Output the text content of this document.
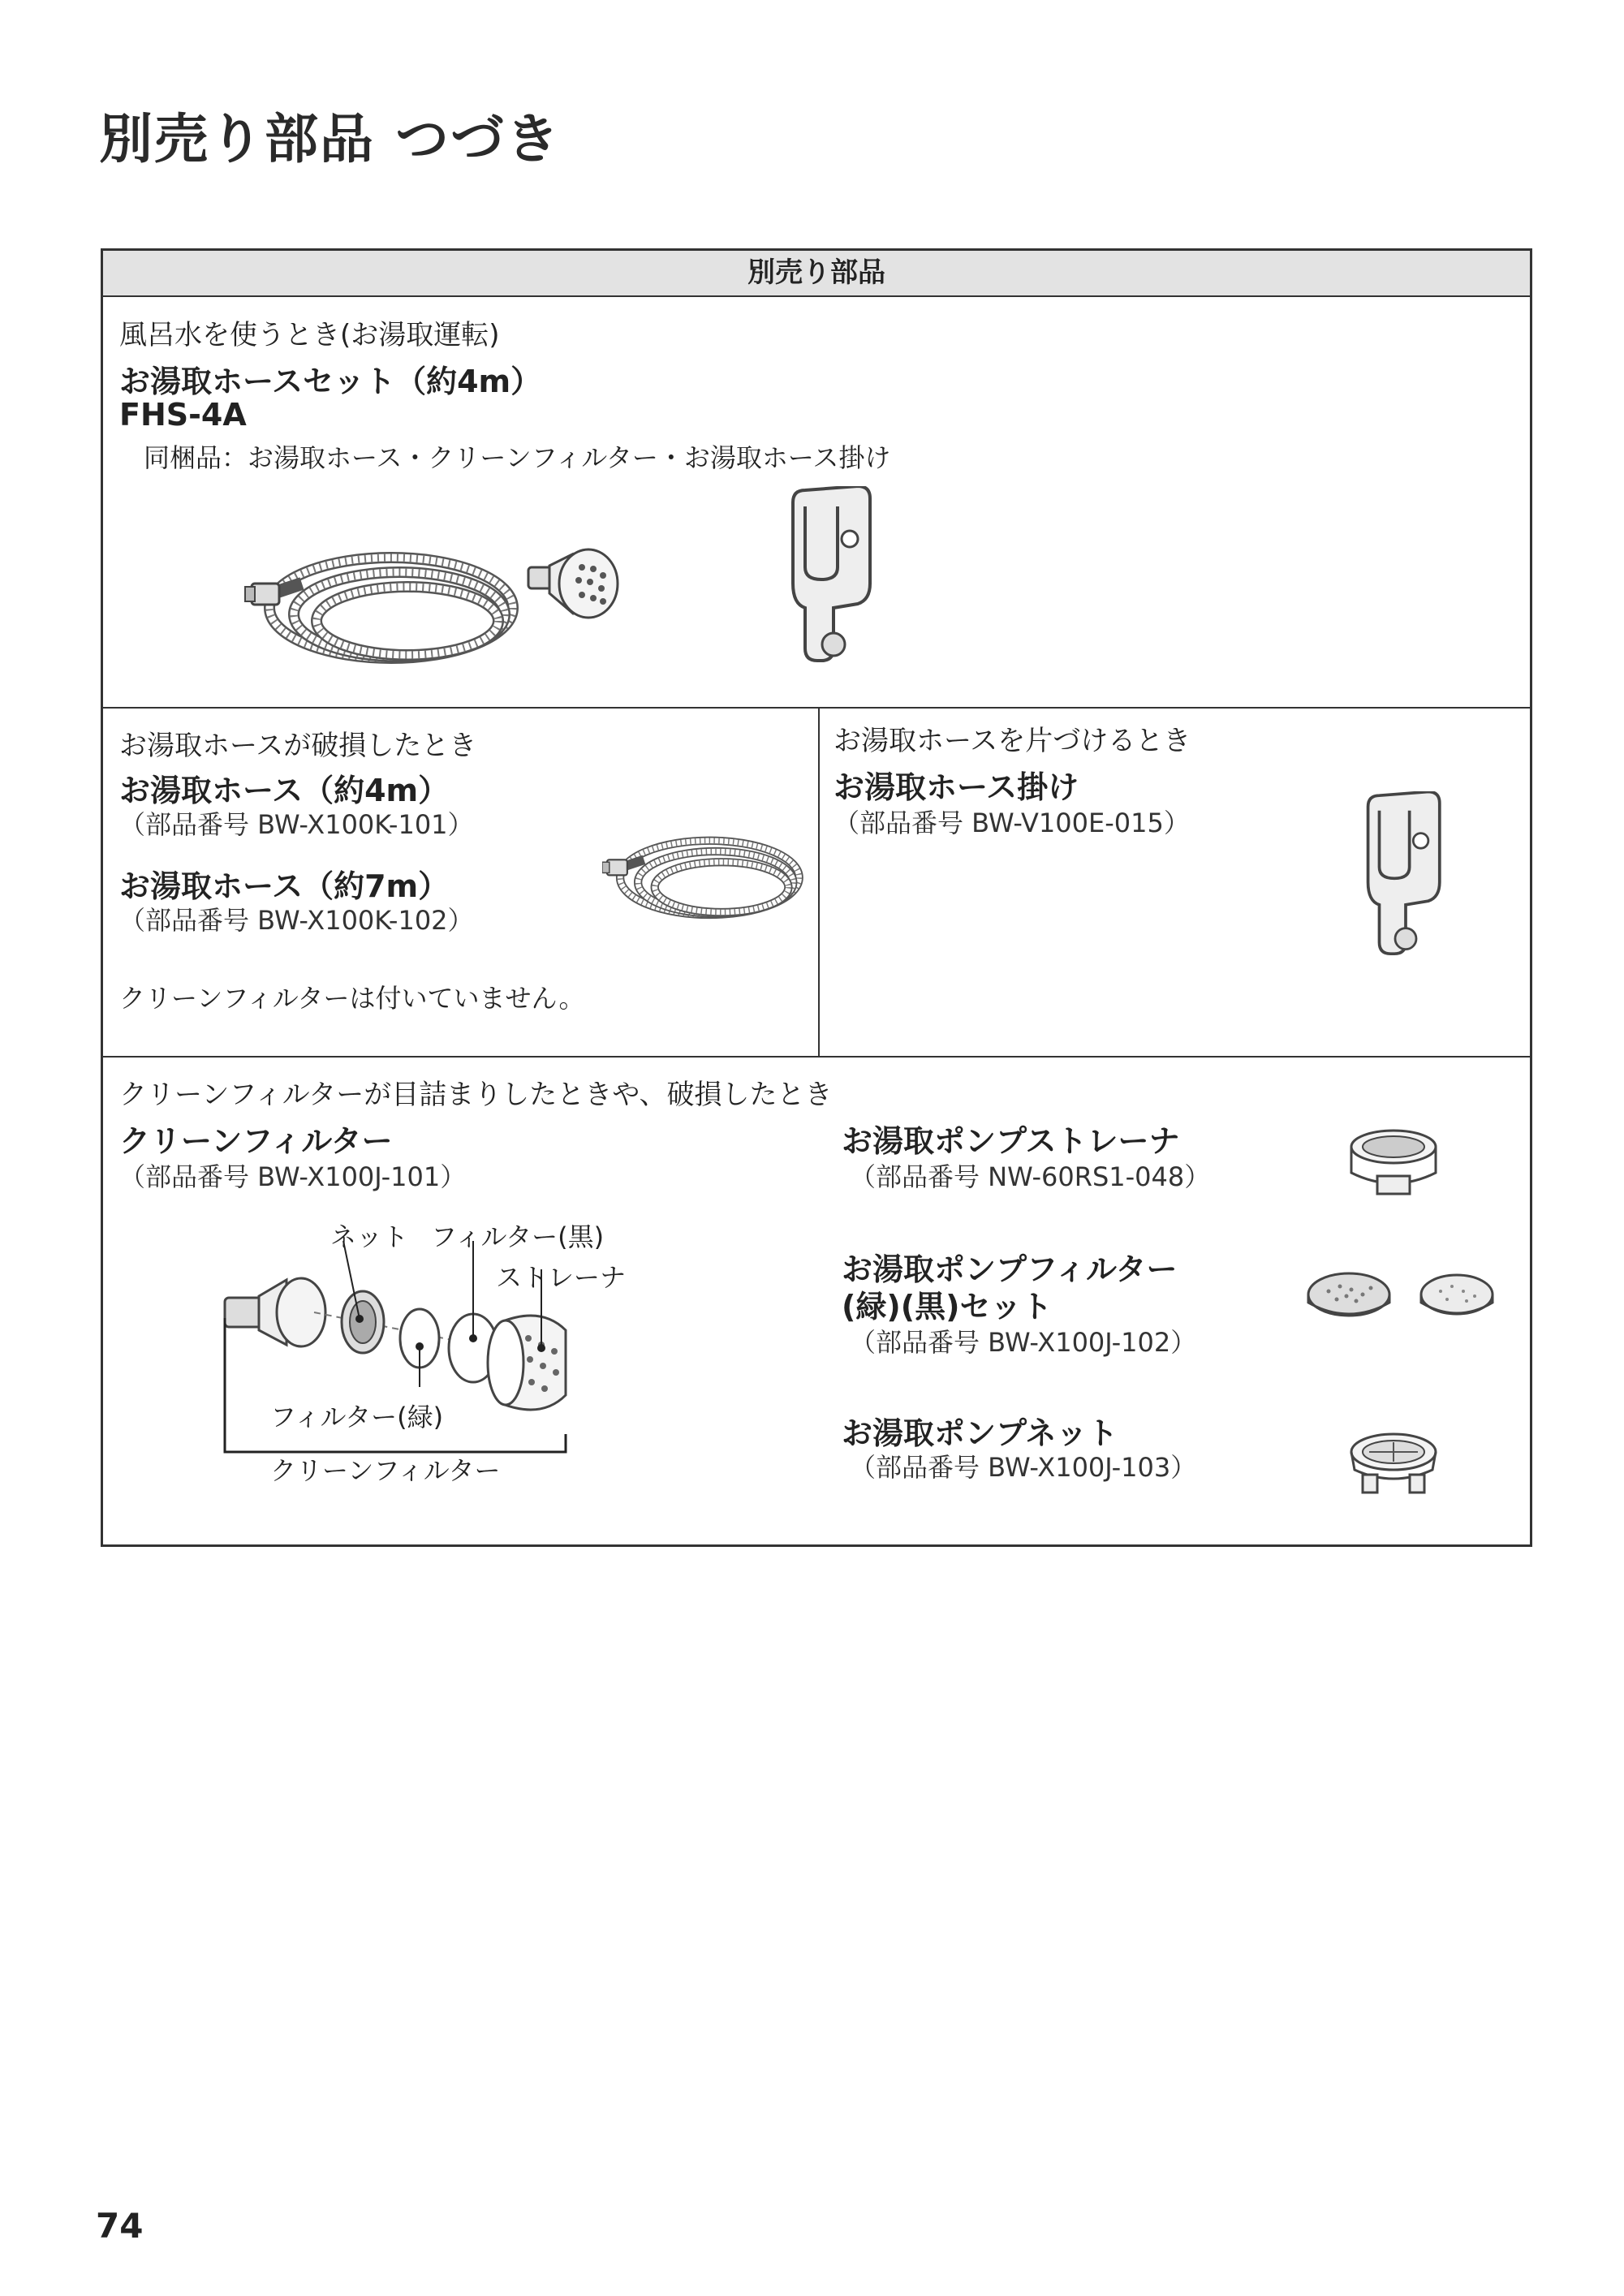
別売り部品 つづき
別売り部品
風呂水を使うとき(お湯取運転)
お湯取ホースセット（約4m）
FHS-4A
同梱品：お湯取ホース・クリーンフィルター・お湯取ホース掛け
お湯取ホースが破損したとき
お湯取ホース（約4m）
（部品番号 BW-X100K-101）
お湯取ホース（約7m）
（部品番号 BW-X100K-102）
クリーンフィルターは付いていません。
お湯取ホースを片づけるとき
お湯取ホース掛け
（部品番号 BW-V100E-015）
クリーンフィルターが目詰まりしたときや、破損したとき
クリーンフィルター
（部品番号 BW-X100J-101）
ネット フィルター(黒)
ストレーナ
フィルター(緑)
クリーンフィルター
お湯取ポンプストレーナ
（部品番号 NW-60RS1-048）
お湯取ポンプフィルター
(緑)(黒)セット
（部品番号 BW-X100J-102）
お湯取ポンプネット
（部品番号 BW-X100J-103）
74
